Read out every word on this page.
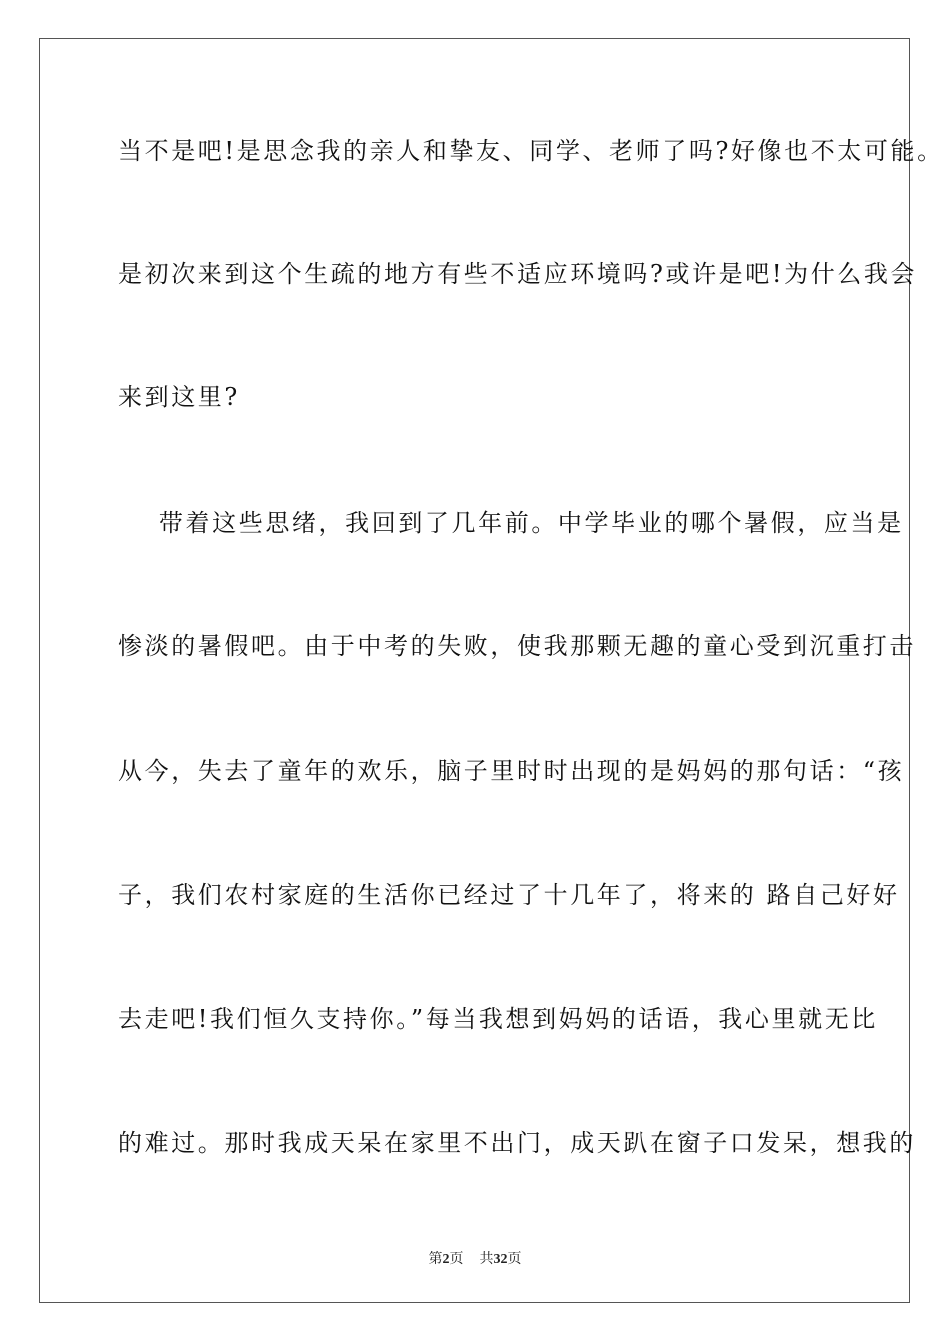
当不是吧!是思念我的亲人和挚友、同学、老师了吗?好像也不太可能。
是初次来到这个生疏的地方有些不适应环境吗?或许是吧!为什么我会
来到这里?
带着这些思绪，我回到了几年前。中学毕业的哪个暑假，应当是
惨淡的暑假吧。由于中考的失败，使我那颗无趣的童心受到沉重打击
从今，失去了童年的欢乐，脑子里时时出现的是妈妈的那句话：“孩
子，我们农村家庭的生活你已经过了十几年了，将来的 路自己好好
去走吧!我们恒久支持你。”每当我想到妈妈的话语，我心里就无比
的难过。那时我成天呆在家里不出门，成天趴在窗子口发呆，想我的
第2页 共32页
